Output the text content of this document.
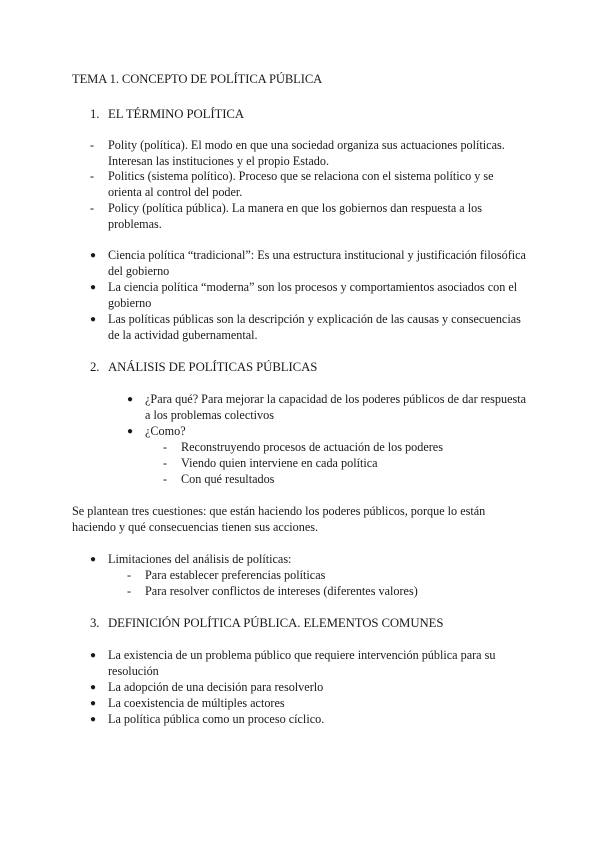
TEMA 1. CONCEPTO DE POLÍTICA PÚBLICA
1. EL TÉRMINO POLÍTICA
- Polity (política). El modo en que una sociedad organiza sus actuaciones políticas.
Interesan las instituciones y el propio Estado.
- Politics (sistema político). Proceso que se relaciona con el sistema político y se
orienta al control del poder.
- Policy (política pública). La manera en que los gobiernos dan respuesta a los
problemas.
● Ciencia política “tradicional”: Es una estructura institucional y justificación filosófica
del gobierno
● La ciencia política “moderna” son los procesos y comportamientos asociados con el
gobierno
● Las políticas públicas son la descripción y explicación de las causas y consecuencias
de la actividad gubernamental.
2. ANÁLISIS DE POLÍTICAS PÚBLICAS
● ¿Para qué? Para mejorar la capacidad de los poderes públicos de dar respuesta
a los problemas colectivos
● ¿Como?
- Reconstruyendo procesos de actuación de los poderes
- Viendo quien interviene en cada política
- Con qué resultados
Se plantean tres cuestiones: que están haciendo los poderes públicos, porque lo están
haciendo y qué consecuencias tienen sus acciones.
● Limitaciones del análisis de políticas:
- Para establecer preferencias políticas
- Para resolver conflictos de intereses (diferentes valores)
3. DEFINICIÓN POLÍTICA PÚBLICA. ELEMENTOS COMUNES
● La existencia de un problema público que requiere intervención pública para su
resolución
● La adopción de una decisión para resolverlo
● La coexistencia de múltiples actores
● La política pública como un proceso cíclico.
